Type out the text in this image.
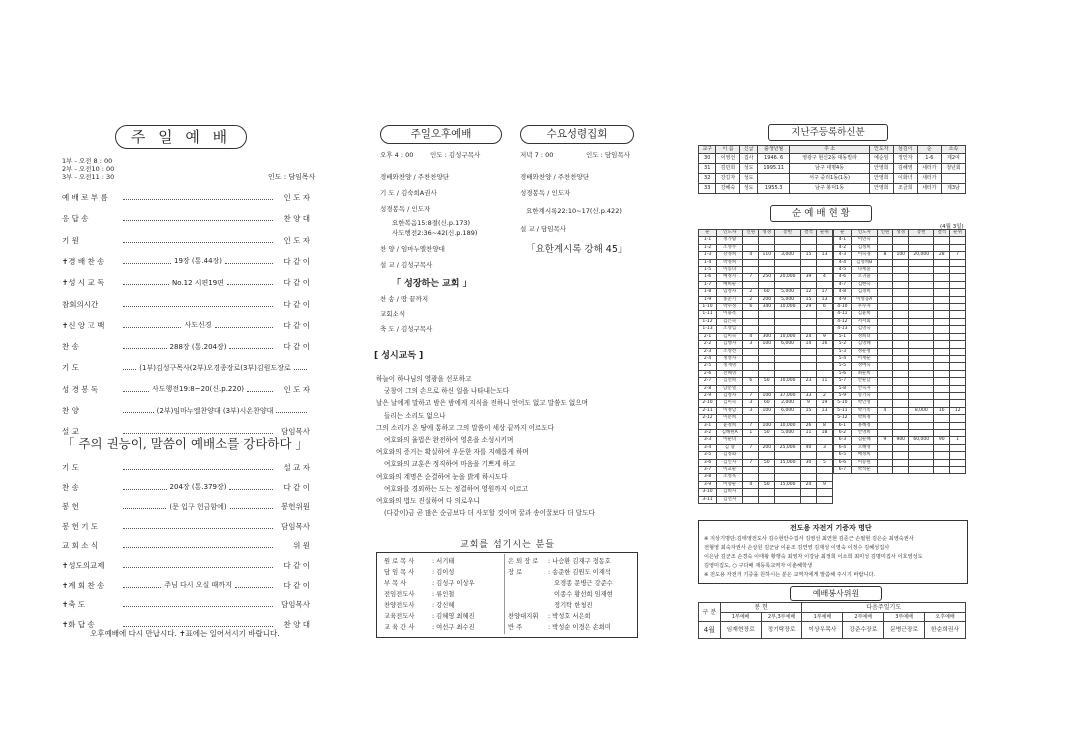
주 일 예 배
1부 - 오전 8 : 00
2부 - 오전10 : 00
3부 - 오전11 : 30	인도 : 담임목사
예 배 로 부 름	인 도 자
응 답 송	찬 양 대
기 원	인 도 자
✝경 배 찬 송	19장 (통.44장)	다 같 이
✝성 시 교 독	No.12 시편19편	다 같 이
참회의시간	다 같 이
✝신 앙 고 백	사도신경	다 같 이
찬 송	288장 (통.204장)	다 같 이
기 도	(1부)김성구목사(2부)오경종장로(3부)김원도장로
성 경 봉 독	사도행전19:8~20(신.p.220)	인 도 자
찬 양	(2부)임마누엘찬양대 (3부)시온찬양대
설 교	담임목사
「 주의 권능이, 말씀이 예배소를 강타하다 」
기 도	설 교 자
찬 송	204장 (통.379장)	다 같 이
봉 헌	(문 입구 헌금함에)	봉헌위원
봉 헌 기 도	담임목사
교 회 소 식	위 원
✝성도의교제	다 같 이
✝계 회 찬 송	주님 다시 오실 때까지	다 같 이
✝축 도	담임목사
✝화 답 송	찬 양 대
오후예배에 다시 만납시다. ✝표에는 일어서시기 바랍니다.
주일오후예배	수요성령집회
오후 4 : 00	인도 : 김성구목사	저녁 7 : 00	인도 : 담임목사
경배와찬양 / 주찬찬양단
기 도 / 김숙희A권사
성경봉독 / 인도자
요한복음15:8절(신.p.173)
사도행전2:36~42(신.p.189)
찬 양 / 임마누엘찬양대
설 교 / 김성구목사
「 성장하는 교회 」
찬 송 / 땅 끝까지
교회소식
축 도 / 김성구목사
경배와찬양 / 주찬찬양단
성경봉독 / 인도자
요한계시록22:10~17(신.p.422)
설 교 / 담임목사
「요한계시록 강해 45」
[ 성시교독 ]
하늘이 하나님의 영광을 선포하고
궁창이 그의 손으로 하신 일을 나타내는도다
날은 날에게 말하고 밤은 밤에게 지식을 전하니 언어도 없고 말씀도 없으며
들리는 소리도 없으나
그의 소리가 온 땅에 통하고 그의 말씀이 세상 끝까지 이르도다
여호와의 율법은 완전하여 영혼을 소성시키며
여호와의 증거는 확실하여 우둔한 자를 지혜롭게 하며
여호와의 교훈은 정직하여 마음을 기쁘게 하고
여호와의 계명은 순결하여 눈을 밝게 하시도다
여호와를 경외하는 도는 정결하여 영원까지 이르고
여호와의 법도 진실하여 다 의로우니
(다같이)금 곧 많은 순금보다 더 사모할 것이며 꿀과 송이꿀보다 더 달도다
교회를 섬기시는 분들
원 로 목 사	: 서기태
담 임 목 사	: 김이성
부 목 사	: 김성구 이상우
전임전도사	: 류인철
찬양전도사	: 강신혜
교육전도사	: 김혜영 최혜진
교 육 간 사	: 여선구 최수진
은 퇴 장 로 : 나승환 김재구 정동호
장 로	: 송준한 김원도 이재석
오경종 문병근 강준수
이종수 황선희 임재현
정기탁 한청진
찬양대지휘 : 박성호 서은희
반 주	: 박성순 이경은 손희미
지난주등록하신분
교구	이 름	신급	출생년월	주 소	인도자	섬김이	순	소속
30	이영선	집사	1946. 6	영광구 현신2동 대동빌라	예순임	정인자	1-6	제2여
31	김민희	성도	1995.11	남구 대명4동	안영희	김혜영	새터가	청년회
32	강길자	성도		서구 중리1동(1동)	안영희	이화녀	새터가	
33	강혜숙	성도	1955.3	남구 봉덕1동	안영희	조금희	새터가	제3남
순 예 배 현 황
(4월 3일)
순	인도자	인원	성경	봉헌	결석	순위
1-1	정가람					
1-2	조영주					
1-3	강경희	4	110	3,000	15	13
1-4	박정희					
1-5	이동녀					
1-6	예정자	7	250	20,000	39	4
1-7	배희순					
1-8	임정자	2	60	5,000	12	17
1-9	홍준기	2	200	5,000	15	13
1-10	박수정	6	340	10,000	29	6
1-11	이용복					
1-12	김은숙					
1-13	조영임					
2-1	김미숙	4	300	10,000	24	9
2-2	김행자	3	100	6,000	14	16
2-3	조영선					
2-4	정영자					
2-5	정재명					
2-6	전혜영					
2-7	김선희	6	50	10,000	23	11
2-8	남문열					
2-9	김정자	7	100	37,000	33	2
2-10	김미숙	3	60	2,000	9	19
2-11	이정남	3	100	6,000	15	13
2-12	이분희					
3-1	윤정희	7	100	10,000	26	8
3-2	김혜원A	1	50	5,000	11	18
3-3	이순녀					
3-4	김 향	7	200	25,000	40	3
3-5	김정화					
3-6	김인자	7	50	15,000	30	5
3-7	이교순					
3-8	조영묵					
3-9	이향순	4	50	15,000	24	9
3-10	김희자					
3-11	김선자					
순	인도자	인원	성경	봉헌	결석	순위
4-1	이연숙					
4-2	김정희					
4-3	이숙경	8	100	20,000	28	7
4-4	김영희B					
4-5	나세윤					
4-6	오귀윤					
4-7	김현숙					
4-8	김경희					
4-9	이영웅A					
4-10	우수자					
4-11	김윤희					
4-12	서서회					
4-13	김영숙					
5-1	정희녀					
5-2	김영혜					
5-3	정순정					
5-4	이재순					
5-5	정여숙					
5-6	최순희					
5-7	안순남					
5-8	안숙자					
5-9	송기숙					
5-10	박인영					
5-11	박기옥	4		8,000	16	12
5-12	박희정					
6-1	홍혜정					
6-2	안영희					
6-3	김순혜	9	900	60,000	90	1
6-4	오혜영					
6-5	배정희					
6-6	이승원					
6-7	박석순					
전도용 자전거 기증자 명단
※ 지상기명단:김태영전도사 김수현안수집사 김영선 최연현 김준근 손필현 김은순 최영숙권사
전형영 최숙자권사 손상원 김군남 이윤조 김연영 김재성 이영숙 이정수 김혜성집사
이은남 김군조 손경숙 이태왕 황행숙 최영자 이강남 최정희 이소희 최미성 김명미집사 이호영성도
김영미집도, ○ 구다배 재등록교역자 이춘혜학생
※ 전도용 자전거 기증을 원하시는 분은 교역자에게 말씀해 주시기 바랍니다.
예배봉사위원
구 분	봉 헌		다음주일기도			
	1부예배	2부,3부예배	1부예배	2부예배	3부예배	오후예배
4월	임재현장로	정기탁장로	이상우목사	강준수장로	문병근장로	한순희권사
